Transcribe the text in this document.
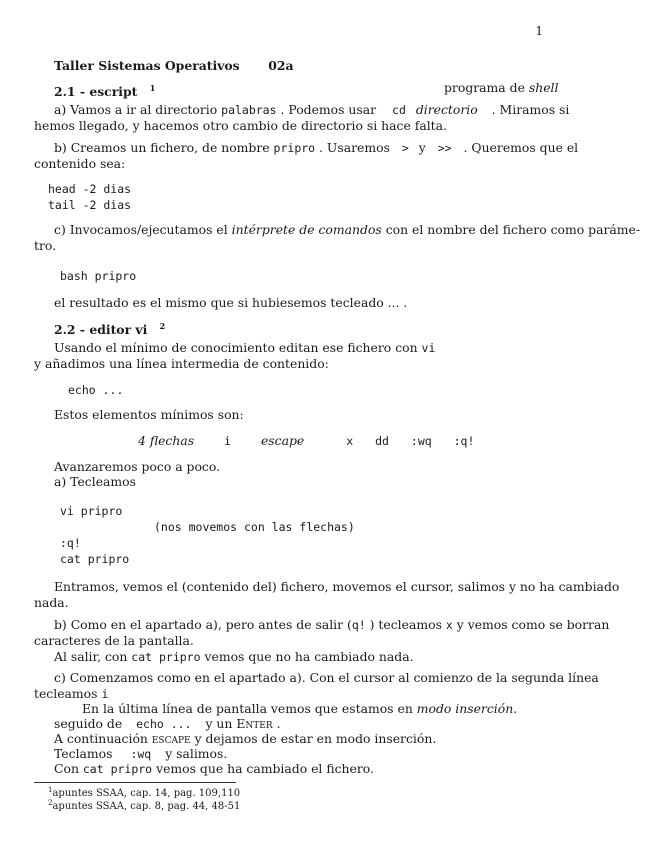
1
Taller Sistemas Operativos 02a
2.1 - escript $^1$	programa de shell
a) Vamos a ir al directorio palabras . Podemos usar cd directorio . Miramos si
hemos llegado, y hacemos otro cambio de directorio si hace falta.
b) Creamos un fichero, de nombre pripro . Usaremos > y >> . Queremos que el
contenido sea:
head -2 dias
tail -2 dias
c) Invocamos/ejecutamos el intérprete de comandos con el nombre del fichero como paráme-
tro.
bash pripro
el resultado es el mismo que si hubiesemos tecleado ... .
2.2 - editor vi $^2$
Usando el mínimo de conocimiento editan ese fichero con vi
y añadimos una línea intermedia de contenido:
echo ...
Estos elementos mínimos son:
4 flechas	i escape	x dd :wq :q!
Avanzaremos poco a poco.
a) Tecleamos
vi pripro
(nos movemos con las flechas)
:q!
cat pripro
Entramos, vemos el (contenido del) fichero, movemos el cursor, salimos y no ha cambiado
nada.
b) Como en el apartado a), pero antes de salir (q! ) tecleamos x y vemos como se borran
caracteres de la pantalla.
Al salir, con cat pripro vemos que no ha cambiado nada.
c) Comenzamos como en el apartado a). Con el cursor al comienzo de la segunda línea
tecleamos i
En la última línea de pantalla vemos que estamos en modo inserción.
seguido de echo ... y un Enter .
A continuación escape y dejamos de estar en modo inserción.
Teclamos :wq y salimos.
Con cat pripro vemos que ha cambiado el fichero.
$^1$apuntes SSAA, cap. 14, pag. 109,110
$^2$apuntes SSAA, cap. 8, pag. 44, 48-51
